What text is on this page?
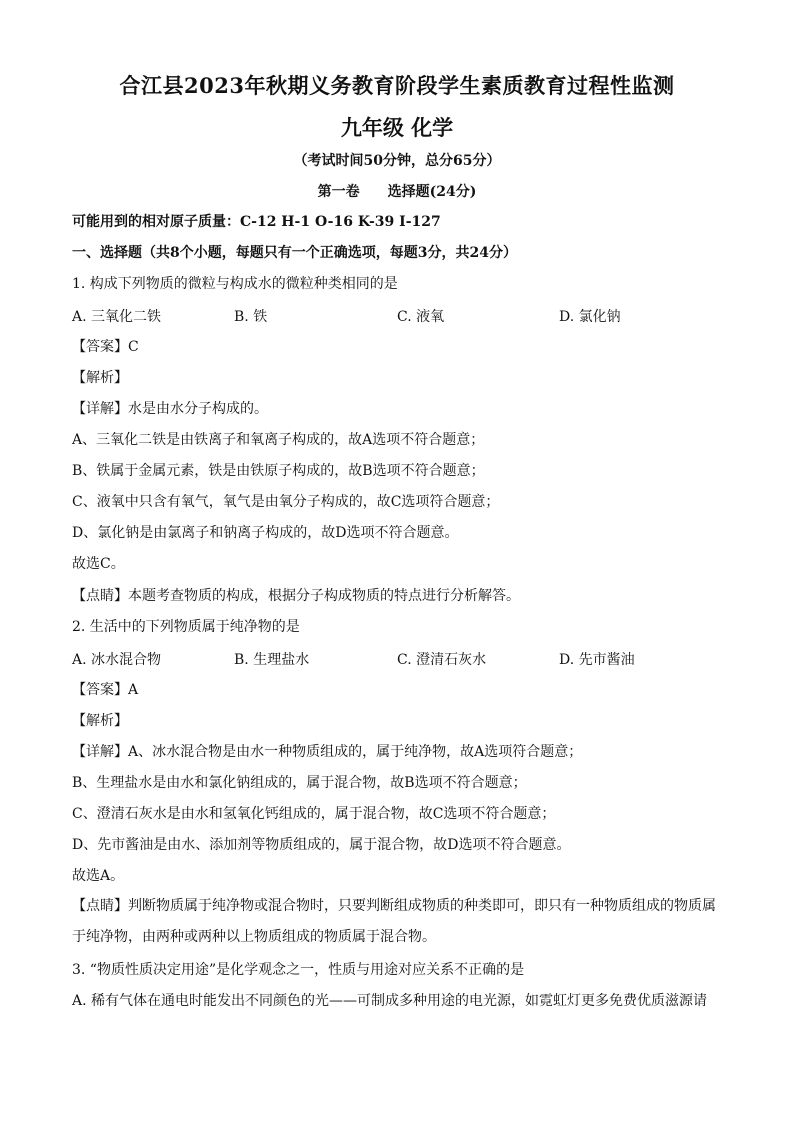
合江县2023年秋期义务教育阶段学生素质教育过程性监测
九年级 化学
（考试时间50分钟，总分65分）
第一卷　　选择题(24分)
可能用到的相对原子质量：C-12 H-1 O-16 K-39 I-127
一、选择题（共8个小题，每题只有一个正确选项，每题3分，共24分）
1. 构成下列物质的微粒与构成水的微粒种类相同的是
A. 三氧化二铁	B. 铁	C. 液氧	D. 氯化钠
【答案】C
【解析】
【详解】水是由水分子构成的。
A、三氧化二铁是由铁离子和氧离子构成的，故A选项不符合题意；
B、铁属于金属元素，铁是由铁原子构成的，故B选项不符合题意；
C、液氧中只含有氧气，氧气是由氧分子构成的，故C选项符合题意；
D、氯化钠是由氯离子和钠离子构成的，故D选项不符合题意。
故选C。
【点睛】本题考查物质的构成，根据分子构成物质的特点进行分析解答。
2. 生活中的下列物质属于纯净物的是
A. 冰水混合物	B. 生理盐水	C. 澄清石灰水	D. 先市酱油
【答案】A
【解析】
【详解】A、冰水混合物是由水一种物质组成的，属于纯净物，故A选项符合题意；
B、生理盐水是由水和氯化钠组成的，属于混合物，故B选项不符合题意；
C、澄清石灰水是由水和氢氧化钙组成的，属于混合物，故C选项不符合题意；
D、先市酱油是由水、添加剂等物质组成的，属于混合物，故D选项不符合题意。
故选A。
【点睛】判断物质属于纯净物或混合物时，只要判断组成物质的种类即可，即只有一种物质组成的物质属于纯净物，由两种或两种以上物质组成的物质属于混合物。
3. “物质性质决定用途”是化学观念之一，性质与用途对应关系不正确的是
A. 稀有气体在通电时能发出不同颜色的光——可制成多种用途的电光源，如霓虹灯更多免费优质滋源请
